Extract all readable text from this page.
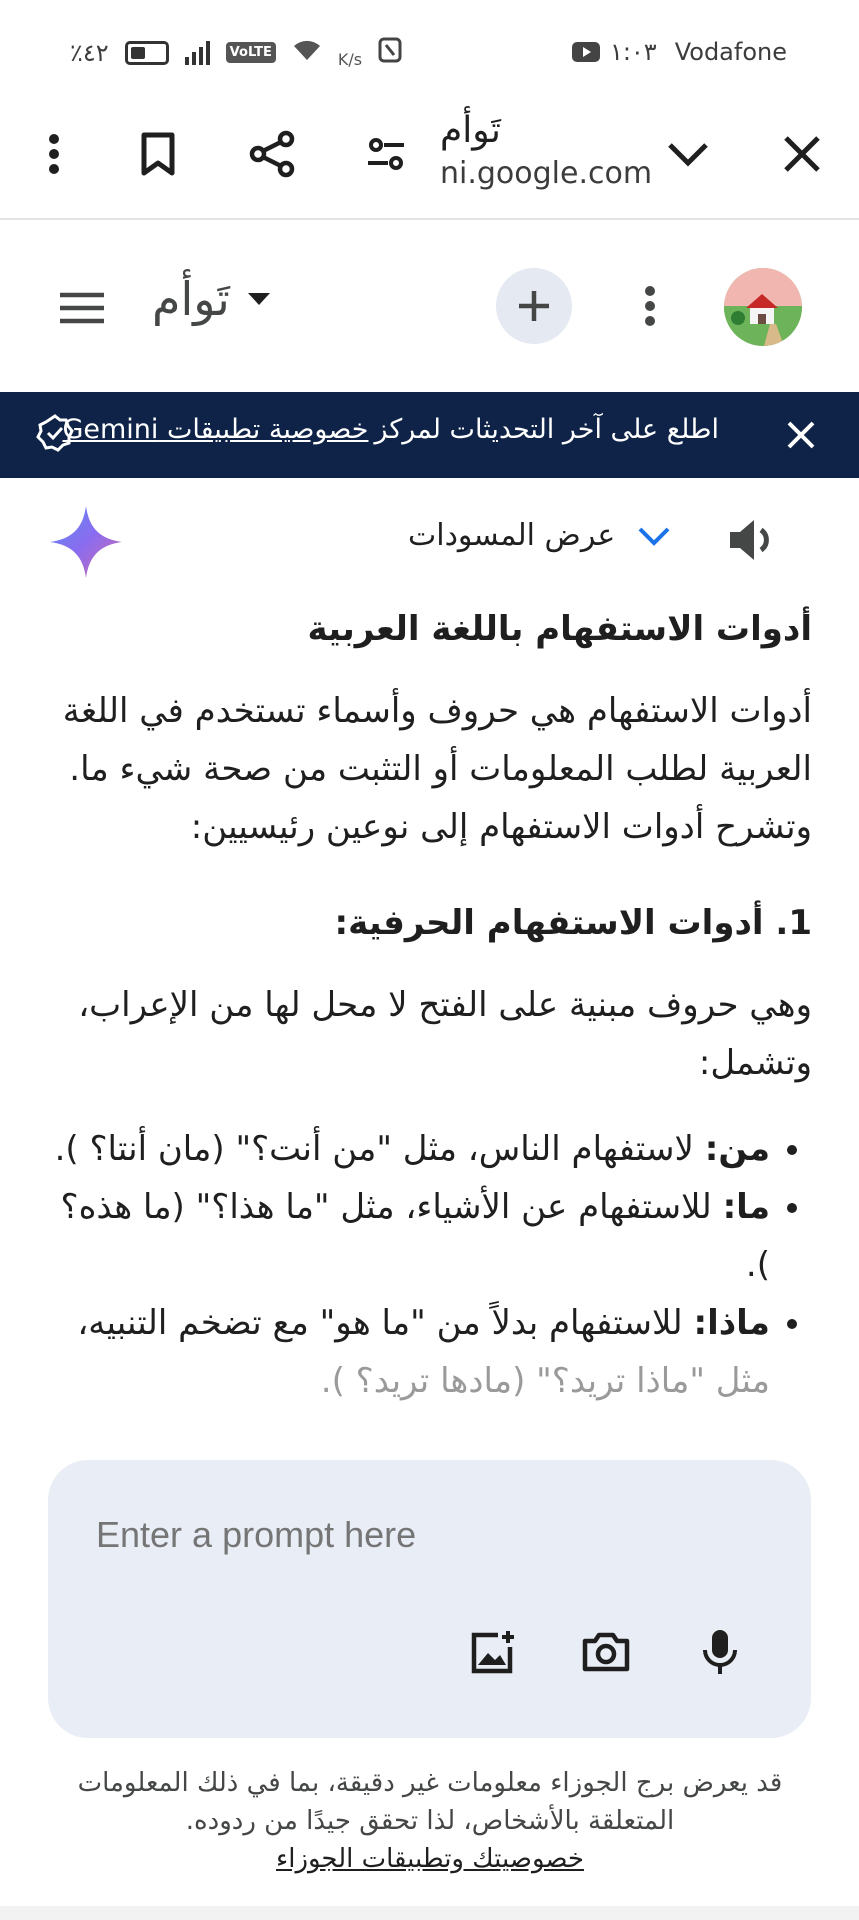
٪٤٢	VoLTE	K/s	١:٠٣ Vodafone
تَوأم
ni.google.com
تَوأم
اطلع على آخر التحديثات لمركز
خصوصية تطبيقات Gemini
عرض المسودات
أدوات الاستفهام باللغة العربية

أدوات الاستفهام هي حروف وأسماء تستخدم في اللغة العربية لطلب المعلومات أو التثبت من صحة شيء ما. وتشرح أدوات الاستفهام إلى نوعين رئيسيين:

1. أدوات الاستفهام الحرفية:

وهي حروف مبنية على الفتح لا محل لها من الإعراب، وتشمل:

• من: لاستفهام الناس، مثل "من أنت؟" (مان أنتا؟ ).
• ما: للاستفهام عن الأشياء، مثل "ما هذا؟" (ما هذه؟ ).
• ماذا: للاستفهام بدلاً من "ما هو" مع تضخم التنبيه، مثل "ماذا تريد؟" (مادها تريد؟ ).
Enter a prompt here
قد يعرض برج الجوزاء معلومات غير دقيقة، بما في ذلك المعلومات المتعلقة بالأشخاص، لذا تحقق جيدًا من ردوده.
خصوصيتك وتطبيقات الجوزاء
